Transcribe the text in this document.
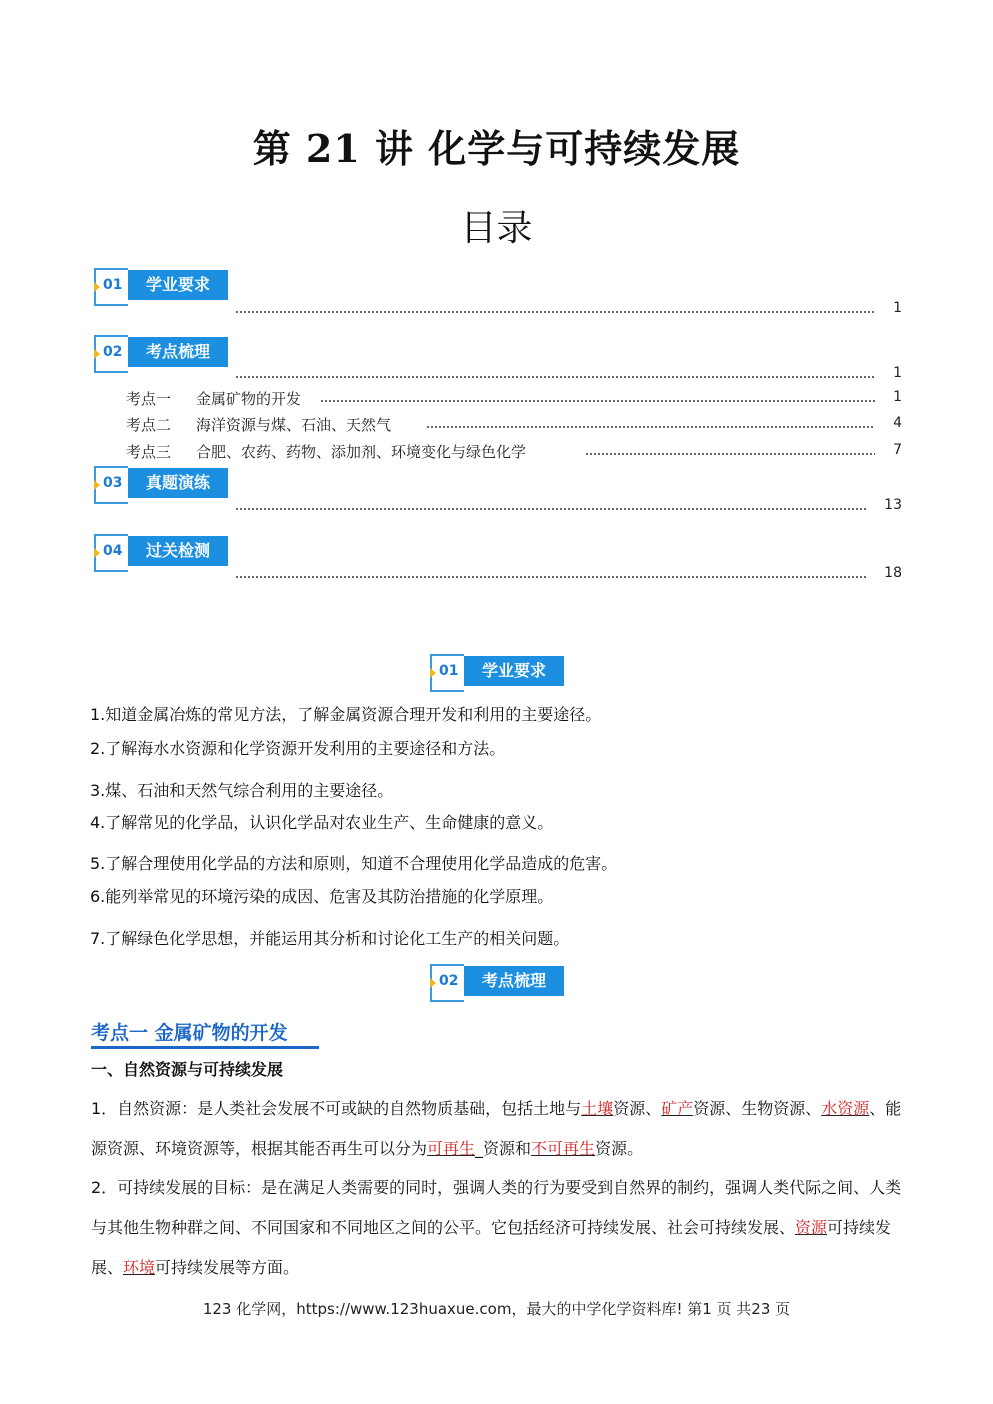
第 21 讲 化学与可持续发展
目录
01	学业要求
1
02	考点梳理
1
考点一 金属矿物的开发	1
考点二 海洋资源与煤、石油、天然气	4
考点三 合肥、农药、药物、添加剂、环境变化与绿色化学	7
03	真题演练
13
04	过关检测
18
01	学业要求
1.知道金属冶炼的常见方法，了解金属资源合理开发和利用的主要途径。
2.了解海水水资源和化学资源开发利用的主要途径和方法。
3.煤、石油和天然气综合利用的主要途径。
4.了解常见的化学品，认识化学品对农业生产、生命健康的意义。
5.了解合理使用化学品的方法和原则，知道不合理使用化学品造成的危害。
6.能列举常见的环境污染的成因、危害及其防治措施的化学原理。
7.了解绿色化学思想，并能运用其分析和讨论化工生产的相关问题。
02	考点梳理
考点一 金属矿物的开发
一、自然资源与可持续发展

1．自然资源：是人类社会发展不可或缺的自然物质基础，包括土地与土壤资源、矿产资源、生物资源、水资源、能源资源、环境资源等，根据其能否再生可以分为可再生_资源和不可再生资源。

2．可持续发展的目标：是在满足人类需要的同时，强调人类的行为要受到自然界的制约，强调人类代际之间、人类与其他生物种群之间、不同国家和不同地区之间的公平。它包括经济可持续发展、社会可持续发展、资源可持续发展、环境可持续发展等方面。

123 化学网，https://www.123huaxue.com，最大的中学化学资料库! 第1 页 共23 页
